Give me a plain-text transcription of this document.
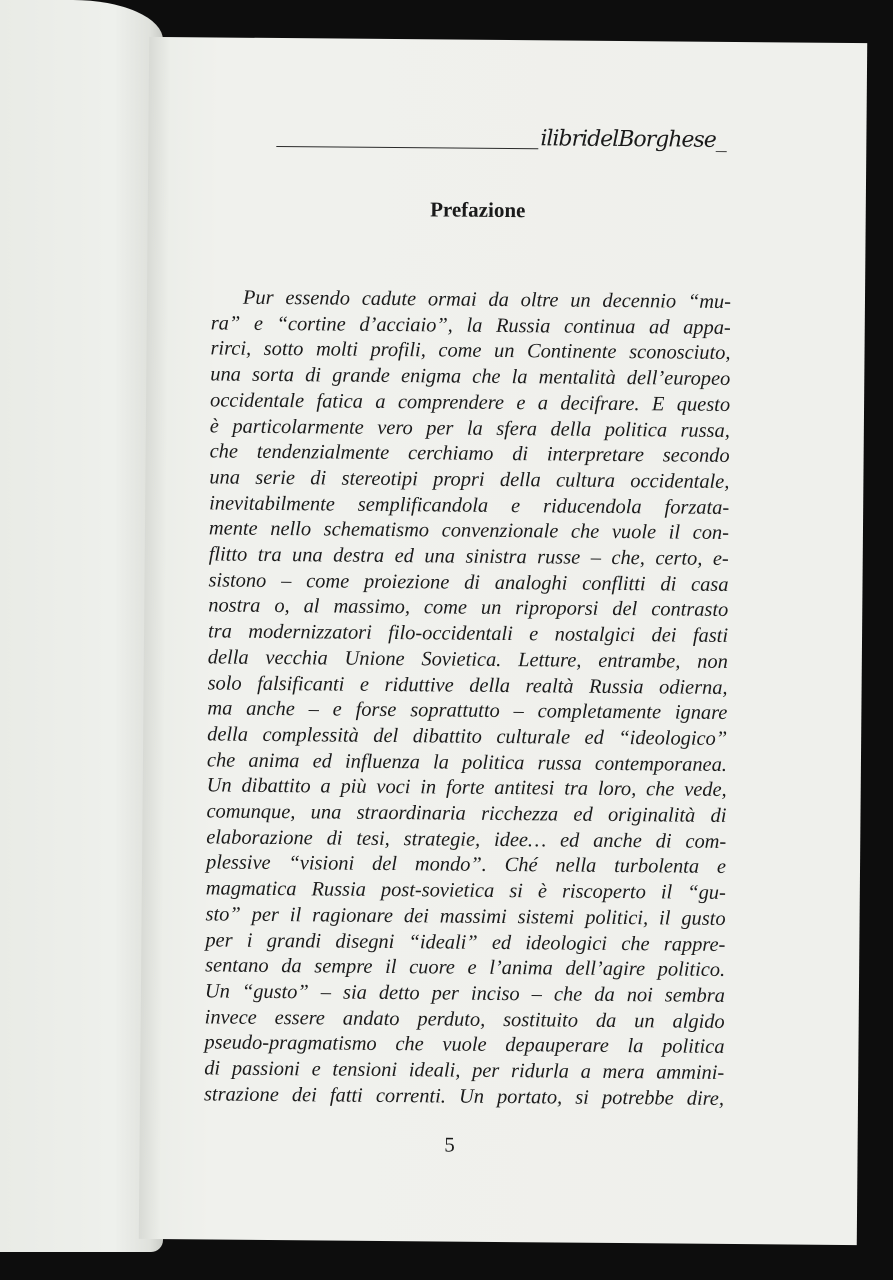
ilibridelBorghese_
Prefazione
Pur essendo cadute ormai da oltre un decennio “mu-
ra” e “cortine d’acciaio”, la Russia continua ad appa-
rirci, sotto molti profili, come un Continente sconosciuto,
una sorta di grande enigma che la mentalità dell’europeo
occidentale fatica a comprendere e a decifrare. E questo
è particolarmente vero per la sfera della politica russa,
che tendenzialmente cerchiamo di interpretare secondo
una serie di stereotipi propri della cultura occidentale,
inevitabilmente semplificandola e riducendola forzata-
mente nello schematismo convenzionale che vuole il con-
flitto tra una destra ed una sinistra russe – che, certo, e-
sistono – come proiezione di analoghi conflitti di casa
nostra o, al massimo, come un riproporsi del contrasto
tra modernizzatori filo-occidentali e nostalgici dei fasti
della vecchia Unione Sovietica. Letture, entrambe, non
solo falsificanti e riduttive della realtà Russia odierna,
ma anche – e forse soprattutto – completamente ignare
della complessità del dibattito culturale ed “ideologico”
che anima ed influenza la politica russa contemporanea.
Un dibattito a più voci in forte antitesi tra loro, che vede,
comunque, una straordinaria ricchezza ed originalità di
elaborazione di tesi, strategie, idee… ed anche di com-
plessive “visioni del mondo”. Ché nella turbolenta e
magmatica Russia post-sovietica si è riscoperto il “gu-
sto” per il ragionare dei massimi sistemi politici, il gusto
per i grandi disegni “ideali” ed ideologici che rappre-
sentano da sempre il cuore e l’anima dell’agire politico.
Un “gusto” – sia detto per inciso – che da noi sembra
invece essere andato perduto, sostituito da un algido
pseudo-pragmatismo che vuole depauperare la politica
di passioni e tensioni ideali, per ridurla a mera ammini-
strazione dei fatti correnti. Un portato, si potrebbe dire,
5
